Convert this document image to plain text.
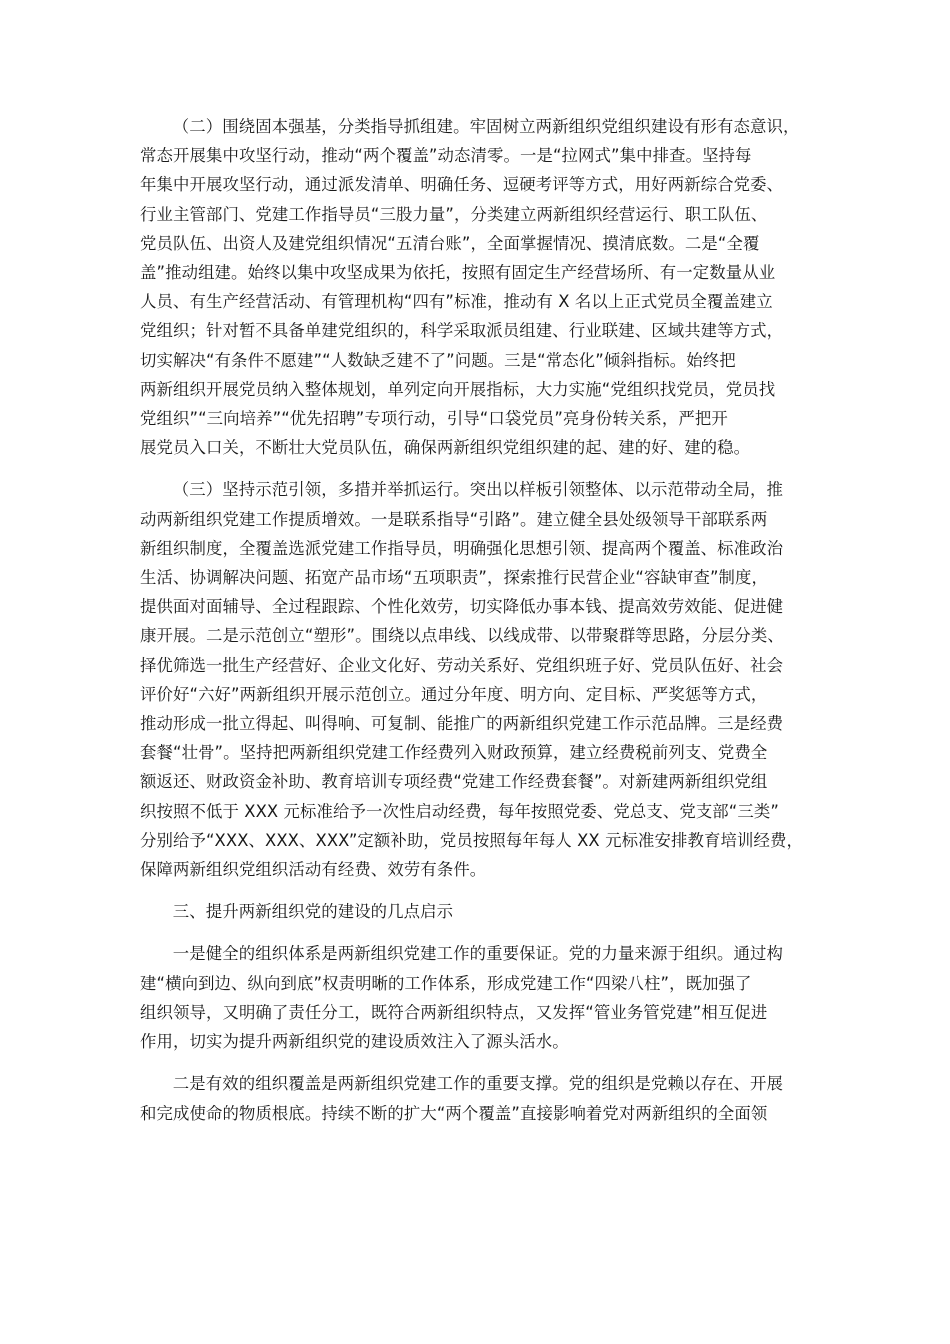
（二）围绕固本强基，分类指导抓组建。牢固树立两新组织党组织建设有形有态意识，
常态开展集中攻坚行动，推动“两个覆盖”动态清零。一是“拉网式”集中排查。坚持每
年集中开展攻坚行动，通过派发清单、明确任务、逗硬考评等方式，用好两新综合党委、
行业主管部门、党建工作指导员“三股力量”，分类建立两新组织经营运行、职工队伍、
党员队伍、出资人及建党组织情况“五清台账”，全面掌握情况、摸清底数。二是“全覆
盖”推动组建。始终以集中攻坚成果为依托，按照有固定生产经营场所、有一定数量从业
人员、有生产经营活动、有管理机构“四有”标准，推动有 X 名以上正式党员全覆盖建立
党组织；针对暂不具备单建党组织的，科学采取派员组建、行业联建、区域共建等方式，
切实解决“有条件不愿建”“人数缺乏建不了”问题。三是“常态化”倾斜指标。始终把
两新组织开展党员纳入整体规划，单列定向开展指标，大力实施“党组织找党员，党员找
党组织”“三向培养”“优先招聘”专项行动，引导“口袋党员”亮身份转关系，严把开
展党员入口关，不断壮大党员队伍，确保两新组织党组织建的起、建的好、建的稳。
（三）坚持示范引领，多措并举抓运行。突出以样板引领整体、以示范带动全局，推
动两新组织党建工作提质增效。一是联系指导“引路”。建立健全县处级领导干部联系两
新组织制度，全覆盖选派党建工作指导员，明确强化思想引领、提高两个覆盖、标准政治
生活、协调解决问题、拓宽产品市场“五项职责”，探索推行民营企业“容缺审查”制度，
提供面对面辅导、全过程跟踪、个性化效劳，切实降低办事本钱、提高效劳效能、促进健
康开展。二是示范创立“塑形”。围绕以点串线、以线成带、以带聚群等思路，分层分类、
择优筛选一批生产经营好、企业文化好、劳动关系好、党组织班子好、党员队伍好、社会
评价好“六好”两新组织开展示范创立。通过分年度、明方向、定目标、严奖惩等方式，
推动形成一批立得起、叫得响、可复制、能推广的两新组织党建工作示范品牌。三是经费
套餐“壮骨”。坚持把两新组织党建工作经费列入财政预算，建立经费税前列支、党费全
额返还、财政资金补助、教育培训专项经费“党建工作经费套餐”。对新建两新组织党组
织按照不低于 XXX 元标准给予一次性启动经费，每年按照党委、党总支、党支部“三类”
分别给予“XXX、XXX、XXX”定额补助，党员按照每年每人 XX 元标准安排教育培训经费，
保障两新组织党组织活动有经费、效劳有条件。
三、提升两新组织党的建设的几点启示
一是健全的组织体系是两新组织党建工作的重要保证。党的力量来源于组织。通过构
建“横向到边、纵向到底”权责明晰的工作体系，形成党建工作“四梁八柱”，既加强了
组织领导，又明确了责任分工，既符合两新组织特点，又发挥“管业务管党建”相互促进
作用，切实为提升两新组织党的建设质效注入了源头活水。
二是有效的组织覆盖是两新组织党建工作的重要支撑。党的组织是党赖以存在、开展
和完成使命的物质根底。持续不断的扩大“两个覆盖”直接影响着党对两新组织的全面领
